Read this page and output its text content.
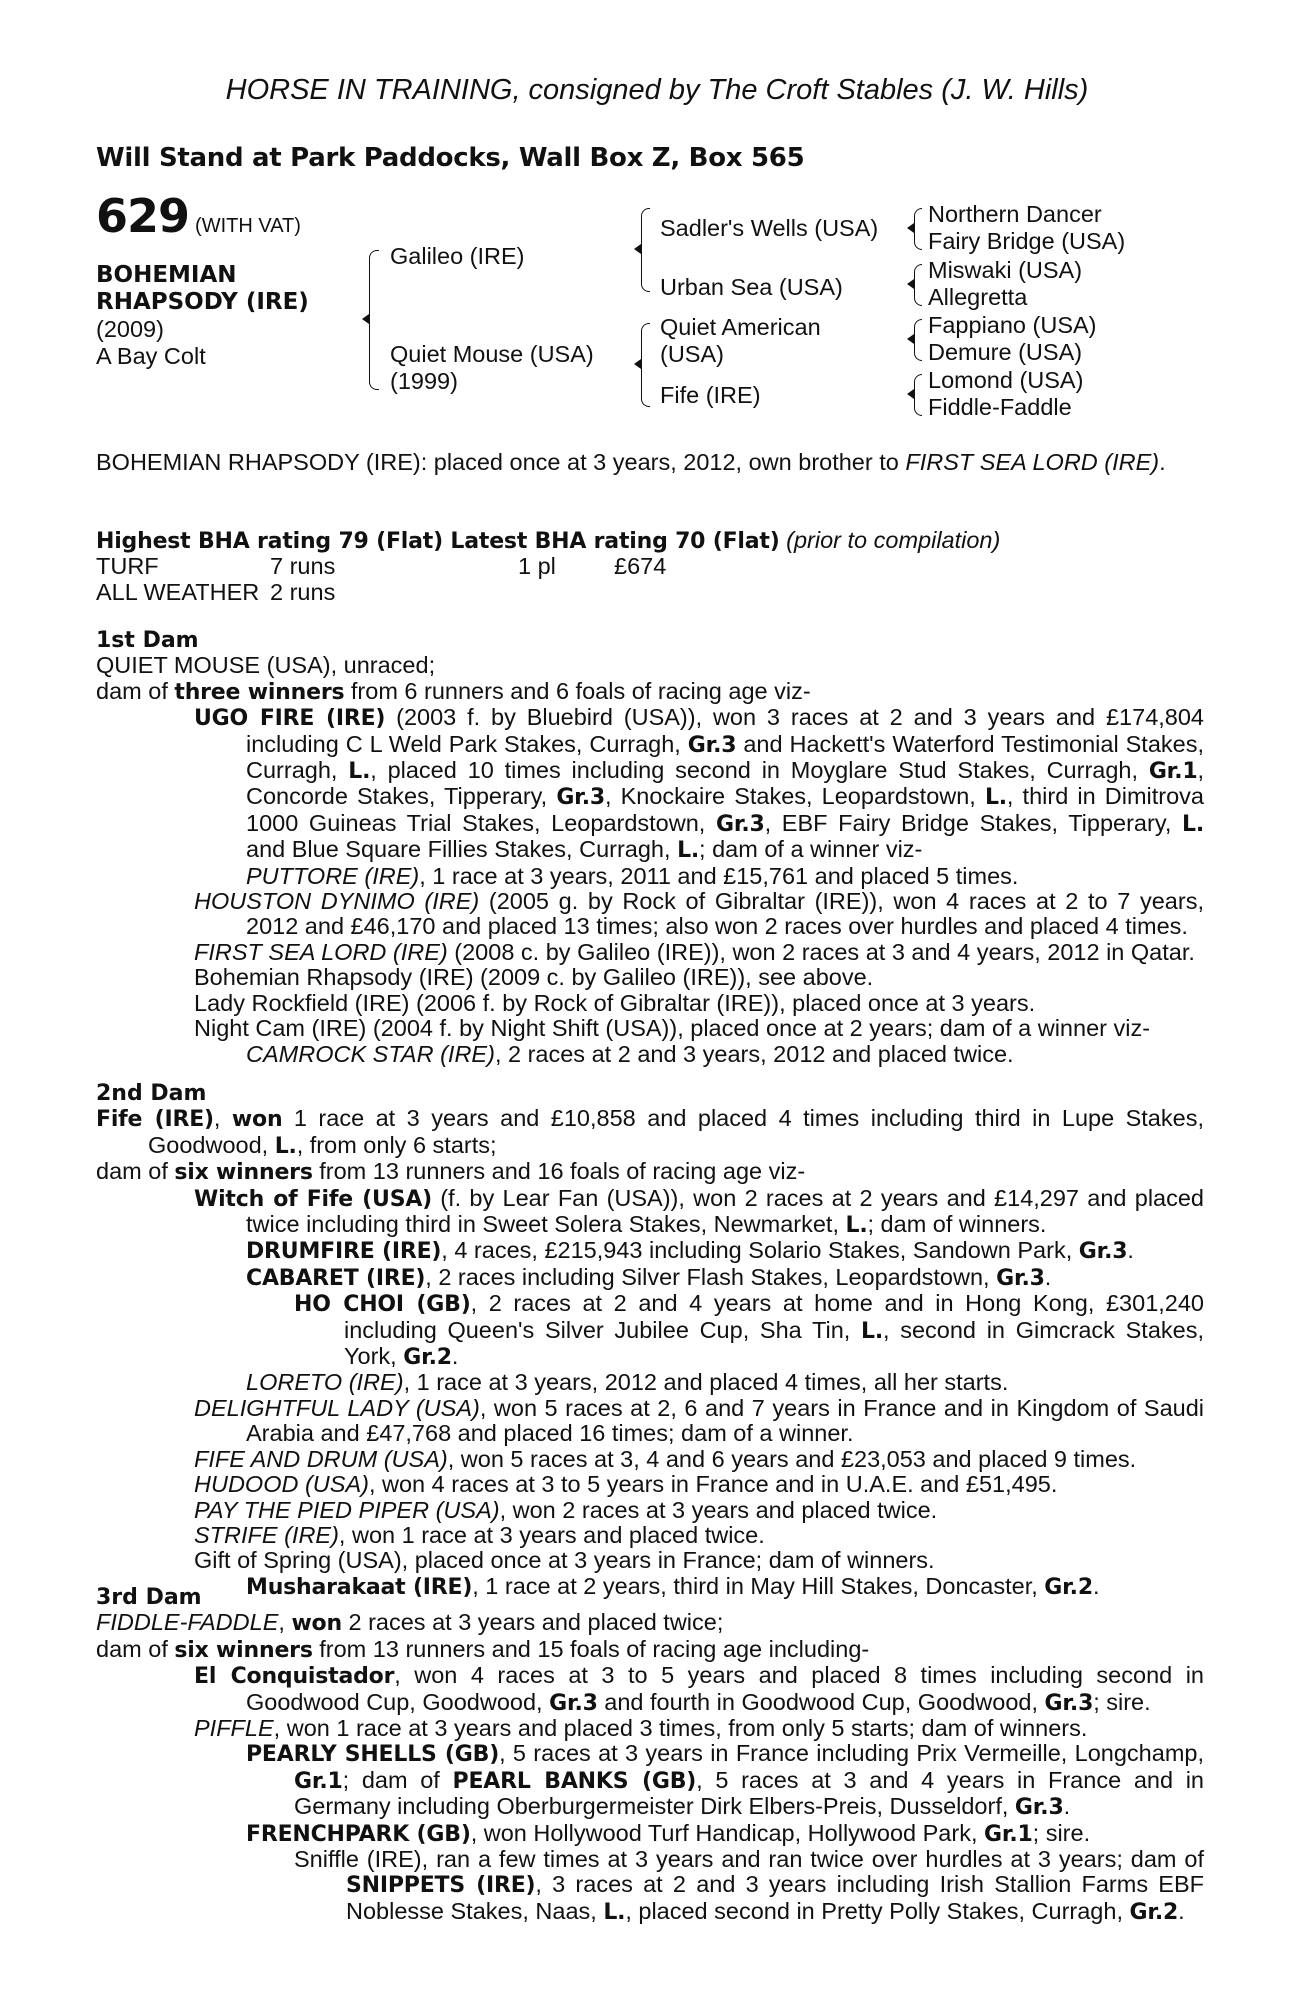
HORSE IN TRAINING, consigned by The Croft Stables (J. W. Hills)
Will Stand at Park Paddocks, Wall Box Z, Box 565
629 (WITH VAT)
BOHEMIAN
RHAPSODY (IRE)
(2009)
A Bay Colt
Galileo (IRE)
Quiet Mouse (USA)
(1999)
Sadler's Wells (USA)
Urban Sea (USA)
Quiet American
(USA)
Fife (IRE)
Northern Dancer
Fairy Bridge (USA)
Miswaki (USA)
Allegretta
Fappiano (USA)
Demure (USA)
Lomond (USA)
Fiddle-Faddle

BOHEMIAN RHAPSODY (IRE): placed once at 3 years, 2012, own brother to FIRST SEA LORD (IRE).

Highest BHA rating 79 (Flat) Latest BHA rating 70 (Flat) (prior to compilation)
TURF	7 runs	1 pl £674
ALL WEATHER 2 runs

1st Dam

QUIET MOUSE (USA), unraced;

dam of three winners from 6 runners and 6 foals of racing age viz-

UGO FIRE (IRE) (2003 f. by Bluebird (USA)), won 3 races at 2 and 3 years and £174,804 including C L Weld Park Stakes, Curragh, Gr.3 and Hackett's Waterford Testimonial Stakes, Curragh, L., placed 10 times including second in Moyglare Stud Stakes, Curragh, Gr.1, Concorde Stakes, Tipperary, Gr.3, Knockaire Stakes, Leopardstown, L., third in Dimitrova 1000 Guineas Trial Stakes, Leopardstown, Gr.3, EBF Fairy Bridge Stakes, Tipperary, L. and Blue Square Fillies Stakes, Curragh, L.; dam of a winner viz-

PUTTORE (IRE), 1 race at 3 years, 2011 and £15,761 and placed 5 times.

HOUSTON DYNIMO (IRE) (2005 g. by Rock of Gibraltar (IRE)), won 4 races at 2 to 7 years, 2012 and £46,170 and placed 13 times; also won 2 races over hurdles and placed 4 times.

FIRST SEA LORD (IRE) (2008 c. by Galileo (IRE)), won 2 races at 3 and 4 years, 2012 in Qatar.

Bohemian Rhapsody (IRE) (2009 c. by Galileo (IRE)), see above.

Lady Rockfield (IRE) (2006 f. by Rock of Gibraltar (IRE)), placed once at 3 years.

Night Cam (IRE) (2004 f. by Night Shift (USA)), placed once at 2 years; dam of a winner viz-

CAMROCK STAR (IRE), 2 races at 2 and 3 years, 2012 and placed twice.

2nd Dam

Fife (IRE), won 1 race at 3 years and £10,858 and placed 4 times including third in Lupe Stakes, Goodwood, L., from only 6 starts;

dam of six winners from 13 runners and 16 foals of racing age viz-

Witch of Fife (USA) (f. by Lear Fan (USA)), won 2 races at 2 years and £14,297 and placed twice including third in Sweet Solera Stakes, Newmarket, L.; dam of winners.

DRUMFIRE (IRE), 4 races, £215,943 including Solario Stakes, Sandown Park, Gr.3.

CABARET (IRE), 2 races including Silver Flash Stakes, Leopardstown, Gr.3.

HO CHOI (GB), 2 races at 2 and 4 years at home and in Hong Kong, £301,240 including Queen's Silver Jubilee Cup, Sha Tin, L., second in Gimcrack Stakes, York, Gr.2.

LORETO (IRE), 1 race at 3 years, 2012 and placed 4 times, all her starts.

DELIGHTFUL LADY (USA), won 5 races at 2, 6 and 7 years in France and in Kingdom of Saudi Arabia and £47,768 and placed 16 times; dam of a winner.

FIFE AND DRUM (USA), won 5 races at 3, 4 and 6 years and £23,053 and placed 9 times.

HUDOOD (USA), won 4 races at 3 to 5 years in France and in U.A.E. and £51,495.

PAY THE PIED PIPER (USA), won 2 races at 3 years and placed twice.

STRIFE (IRE), won 1 race at 3 years and placed twice.

Gift of Spring (USA), placed once at 3 years in France; dam of winners.

Musharakaat (IRE), 1 race at 2 years, third in May Hill Stakes, Doncaster, Gr.2.

3rd Dam

FIDDLE-FADDLE, won 2 races at 3 years and placed twice;

dam of six winners from 13 runners and 15 foals of racing age including-

El Conquistador, won 4 races at 3 to 5 years and placed 8 times including second in Goodwood Cup, Goodwood, Gr.3 and fourth in Goodwood Cup, Goodwood, Gr.3; sire.

PIFFLE, won 1 race at 3 years and placed 3 times, from only 5 starts; dam of winners.

PEARLY SHELLS (GB), 5 races at 3 years in France including Prix Vermeille, Longchamp, Gr.1; dam of PEARL BANKS (GB), 5 races at 3 and 4 years in France and in Germany including Oberburgermeister Dirk Elbers-Preis, Dusseldorf, Gr.3.

FRENCHPARK (GB), won Hollywood Turf Handicap, Hollywood Park, Gr.1; sire.

Sniffle (IRE), ran a few times at 3 years and ran twice over hurdles at 3 years; dam of SNIPPETS (IRE), 3 races at 2 and 3 years including Irish Stallion Farms EBF Noblesse Stakes, Naas, L., placed second in Pretty Polly Stakes, Curragh, Gr.2.
